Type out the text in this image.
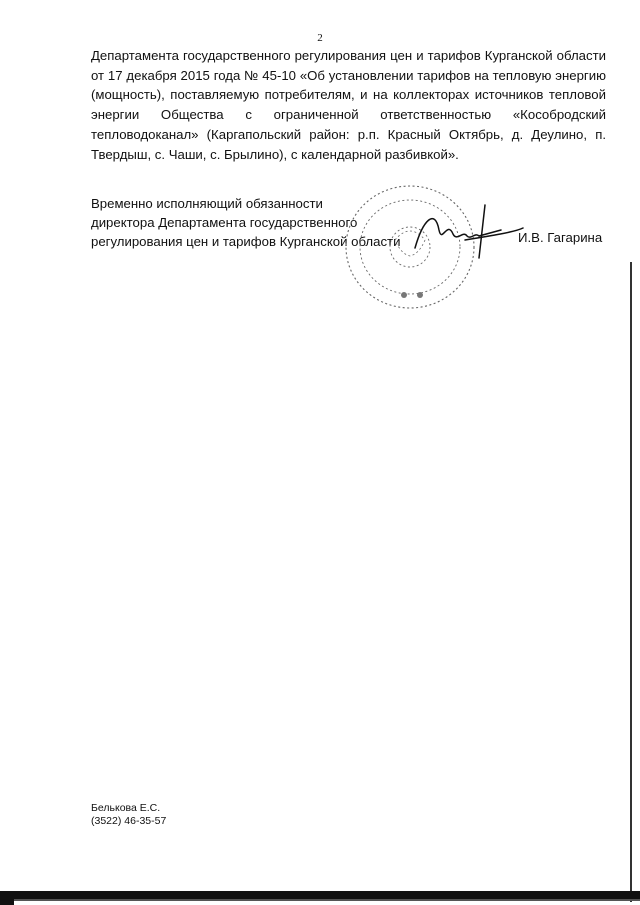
2

Департамента государственного регулирования цен и тарифов Курганской области от 17 декабря 2015 года № 45-10 «Об установлении тарифов на тепловую энергию (мощность), поставляемую потребителям, и на коллекторах источников тепловой энергии Общества с ограниченной ответственностью «Кособродский тепловодоканал» (Каргапольский район: р.п. Красный Октябрь, д. Деулино, п. Твердыш, с. Чаши, с. Брылино), с календарной разбивкой».

Временно исполняющий обязанности
директора Департамента государственного
регулирования цен и тарифов Курганской области	И.В. Гагарина
Белькова Е.С.
(3522) 46-35-57
